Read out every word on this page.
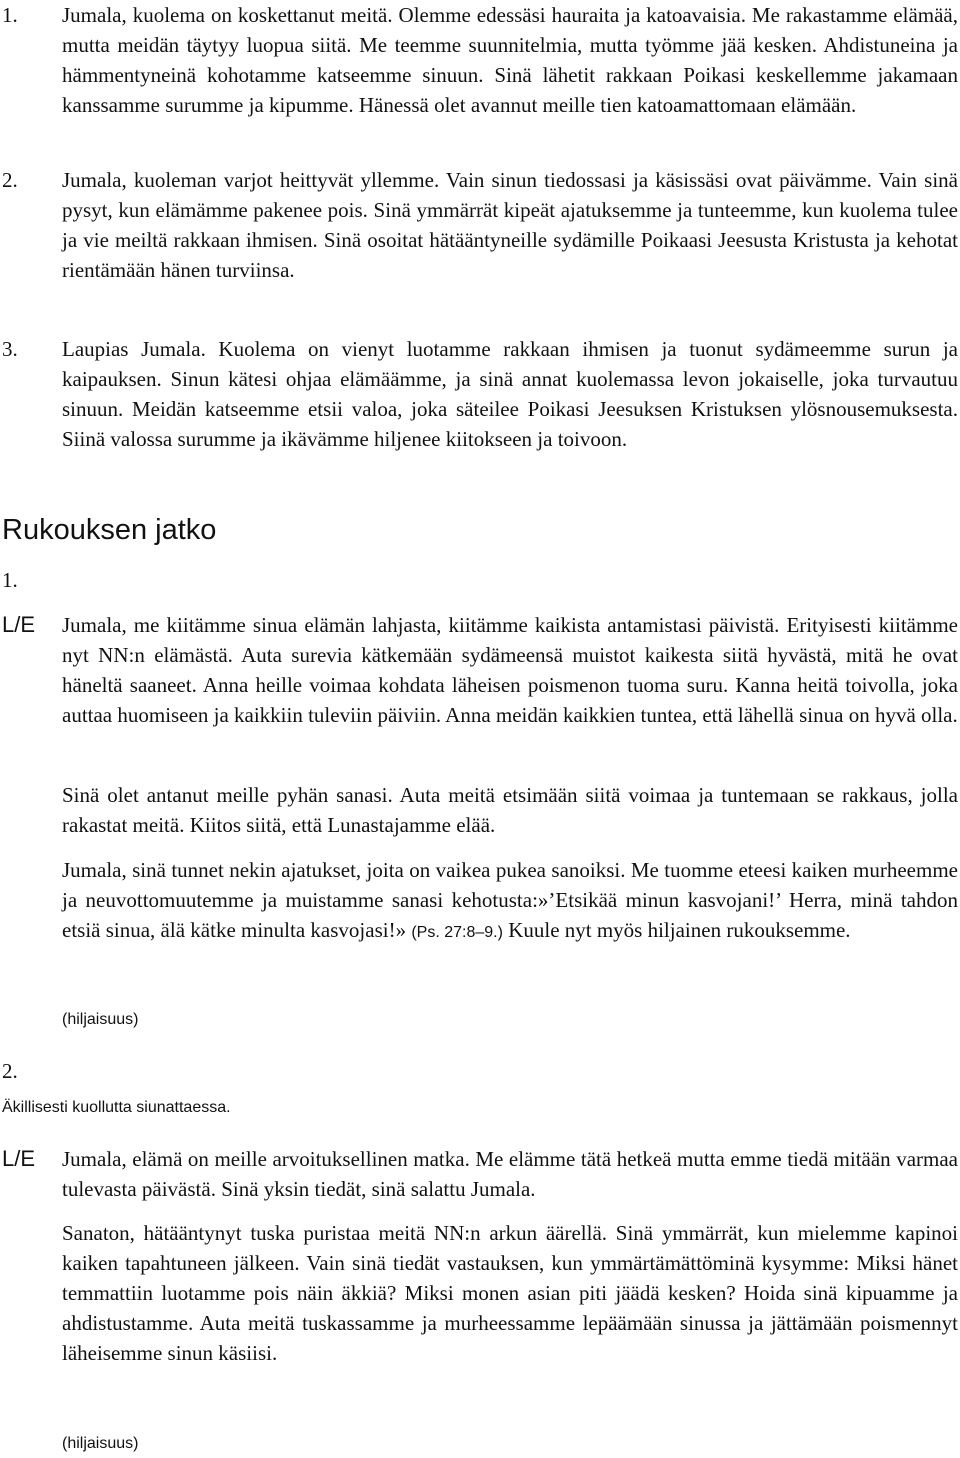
1. Jumala, kuolema on koskettanut meitä. Olemme edessäsi hauraita ja katoavaisia. Me rakastamme elämää, mutta meidän täytyy luopua siitä. Me teemme suunnitelmia, mutta työmme jää kesken. Ahdistuneina ja hämmentyneinä kohotamme katseemme sinuun. Sinä lähetit rakkaan Poikasi keskellemme jakamaan kanssamme surumme ja kipumme. Hänessä olet avannut meille tien katoamattomaan elämään.

2. Jumala, kuoleman varjot heittyvät yllemme. Vain sinun tiedossasi ja käsissäsi ovat päivämme. Vain sinä pysyt, kun elämämme pakenee pois. Sinä ymmärrät kipeät ajatuksemme ja tunteemme, kun kuolema tulee ja vie meiltä rakkaan ihmisen. Sinä osoitat hätääntyneille sydämille Poikaasi Jeesusta Kristusta ja kehotat rientämään hänen turviinsa.

3. Laupias Jumala. Kuolema on vienyt luotamme rakkaan ihmisen ja tuonut sydämeemme surun ja kaipauksen. Sinun kätesi ohjaa elämäämme, ja sinä annat kuolemassa levon jokaiselle, joka turvautuu sinuun. Meidän katseemme etsii valoa, joka säteilee Poikasi Jeesuksen Kristuksen ylösnousemuksesta. Siinä valossa surumme ja ikävämme hiljenee kiitokseen ja toivoon.

Rukouksen jatko
1.
L/E Jumala, me kiitämme sinua elämän lahjasta, kiitämme kaikista antamistasi päivistä. Erityisesti kiitämme nyt NN:n elämästä. Auta surevia kätkemään sydämeensä muistot kaikesta siitä hyvästä, mitä he ovat häneltä saaneet. Anna heille voimaa kohdata läheisen poismenon tuoma suru. Kanna heitä toivolla, joka auttaa huomiseen ja kaikkiin tuleviin päiviin. Anna meidän kaikkien tuntea, että lähellä sinua on hyvä olla.

Sinä olet antanut meille pyhän sanasi. Auta meitä etsimään siitä voimaa ja tuntemaan se rakkaus, jolla rakastat meitä. Kiitos siitä, että Lunastajamme elää.

Jumala, sinä tunnet nekin ajatukset, joita on vaikea pukea sanoiksi. Me tuomme eteesi kaiken murheemme ja neuvottomuutemme ja muistamme sanasi kehotusta:»’Etsikää minun kasvojani!’ Herra, minä tahdon etsiä sinua, älä kätke minulta kasvojasi!» (Ps. 27:8–9.) Kuule nyt myös hiljainen rukouksemme.

(hiljaisuus)
2.
Äkillisesti kuollutta siunattaessa.
L/E Jumala, elämä on meille arvoituksellinen matka. Me elämme tätä hetkeä mutta emme tiedä mitään varmaa tulevasta päivästä. Sinä yksin tiedät, sinä salattu Jumala.

Sanaton, hätääntynyt tuska puristaa meitä NN:n arkun äärellä. Sinä ymmärrät, kun mielemme kapinoi kaiken tapahtuneen jälkeen. Vain sinä tiedät vastauksen, kun ymmärtämättöminä kysymme: Miksi hänet temmattiin luotamme pois näin äkkiä? Miksi monen asian piti jäädä kesken? Hoida sinä kipuamme ja ahdistustamme. Auta meitä tuskassamme ja murheessamme lepäämään sinussa ja jättämään poismennyt läheisemme sinun käsiisi.

(hiljaisuus)
